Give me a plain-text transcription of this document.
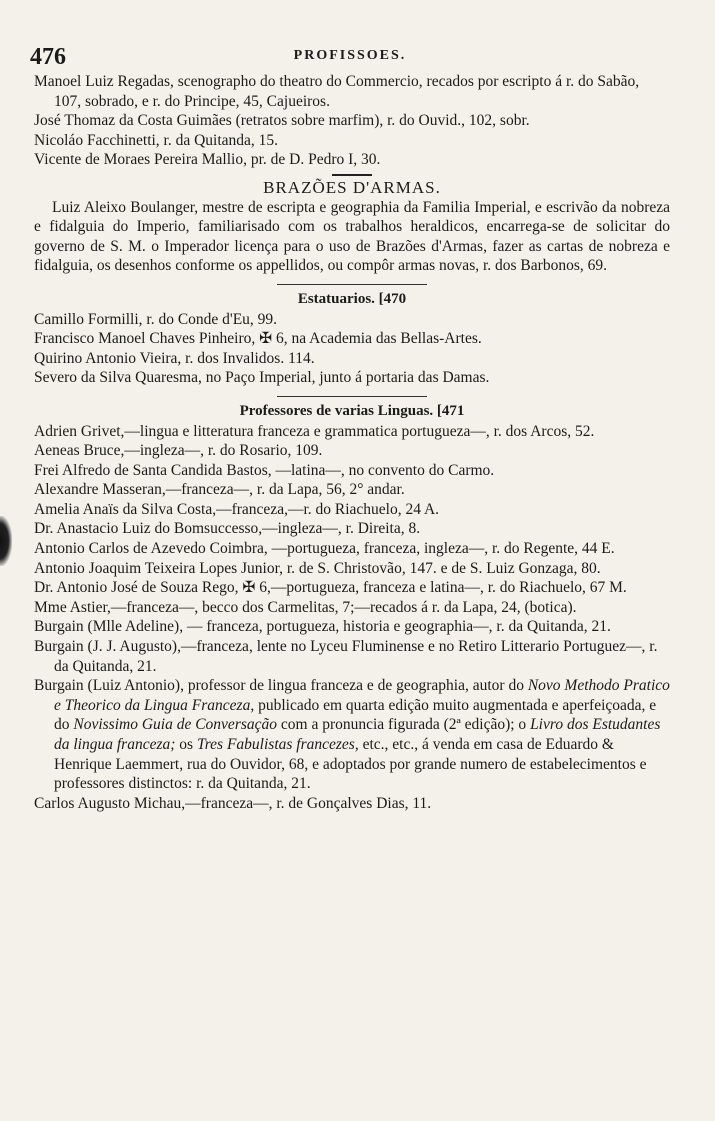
476	PROFISSOES.

Manoel Luiz Regadas, scenographo do theatro do Commercio, recados por escripto á r. do Sabão, 107, sobrado, e r. do Principe, 45, Cajueiros.

José Thomaz da Costa Guimães (retratos sobre marfim), r. do Ouvid., 102, sobr.

Nicoláo Facchinetti, r. da Quitanda, 15.

Vicente de Moraes Pereira Mallio, pr. de D. Pedro I, 30.

BRAZÕES D'ARMAS.

Luiz Aleixo Boulanger, mestre de escripta e geographia da Familia Imperial, e escrivão da nobreza e fidalguia do Imperio, familiarisado com os trabalhos heraldicos, encarrega-se de solicitar do governo de S. M. o Imperador licença para o uso de Brazões d'Armas, fazer as cartas de nobreza e fidalguia, os desenhos conforme os appellidos, ou compôr armas novas, r. dos Barbonos, 69.

Estatuarios. [470

Camillo Formilli, r. do Conde d'Eu, 99.

Francisco Manoel Chaves Pinheiro, ✠ 6, na Academia das Bellas-Artes.

Quirino Antonio Vieira, r. dos Invalidos. 114.

Severo da Silva Quaresma, no Paço Imperial, junto á portaria das Damas.

Professores de varias Linguas. [471

Adrien Grivet,—lingua e litteratura franceza e grammatica portugueza—, r. dos Arcos, 52.

Aeneas Bruce,—ingleza—, r. do Rosario, 109.

Frei Alfredo de Santa Candida Bastos, —latina—, no convento do Carmo.

Alexandre Masseran,—franceza—, r. da Lapa, 56, 2° andar.

Amelia Anaïs da Silva Costa,—franceza,—r. do Riachuelo, 24 A.

Dr. Anastacio Luiz do Bomsuccesso,—ingleza—, r. Direita, 8.

Antonio Carlos de Azevedo Coimbra, —portugueza, franceza, ingleza—, r. do Regente, 44 E.

Antonio Joaquim Teixeira Lopes Junior, r. de S. Christovão, 147. e de S. Luiz Gonzaga, 80.

Dr. Antonio José de Souza Rego, ✠ 6,—portugueza, franceza e latina—, r. do Riachuelo, 67 M.

Mme Astier,—franceza—, becco dos Carmelitas, 7;—recados á r. da Lapa, 24, (botica).

Burgain (Mlle Adeline), — franceza, portugueza, historia e geographia—, r. da Quitanda, 21.

Burgain (J. J. Augusto),—franceza, lente no Lyceu Fluminense e no Retiro Litterario Portuguez—, r. da Quitanda, 21.

Burgain (Luiz Antonio), professor de lingua franceza e de geographia, autor do Novo Methodo Pratico e Theorico da Lingua Franceza, publicado em quarta edição muito augmentada e aperfeiçoada, e do Novissimo Guia de Conversação com a pronuncia figurada (2ª edição); o Livro dos Estudantes da lingua franceza; os Tres Fabulistas francezes, etc., etc., á venda em casa de Eduardo & Henrique Laemmert, rua do Ouvidor, 68, e adoptados por grande numero de estabelecimentos e professores distinctos: r. da Quitanda, 21.

Carlos Augusto Michau,—franceza—, r. de Gonçalves Dias, 11.
